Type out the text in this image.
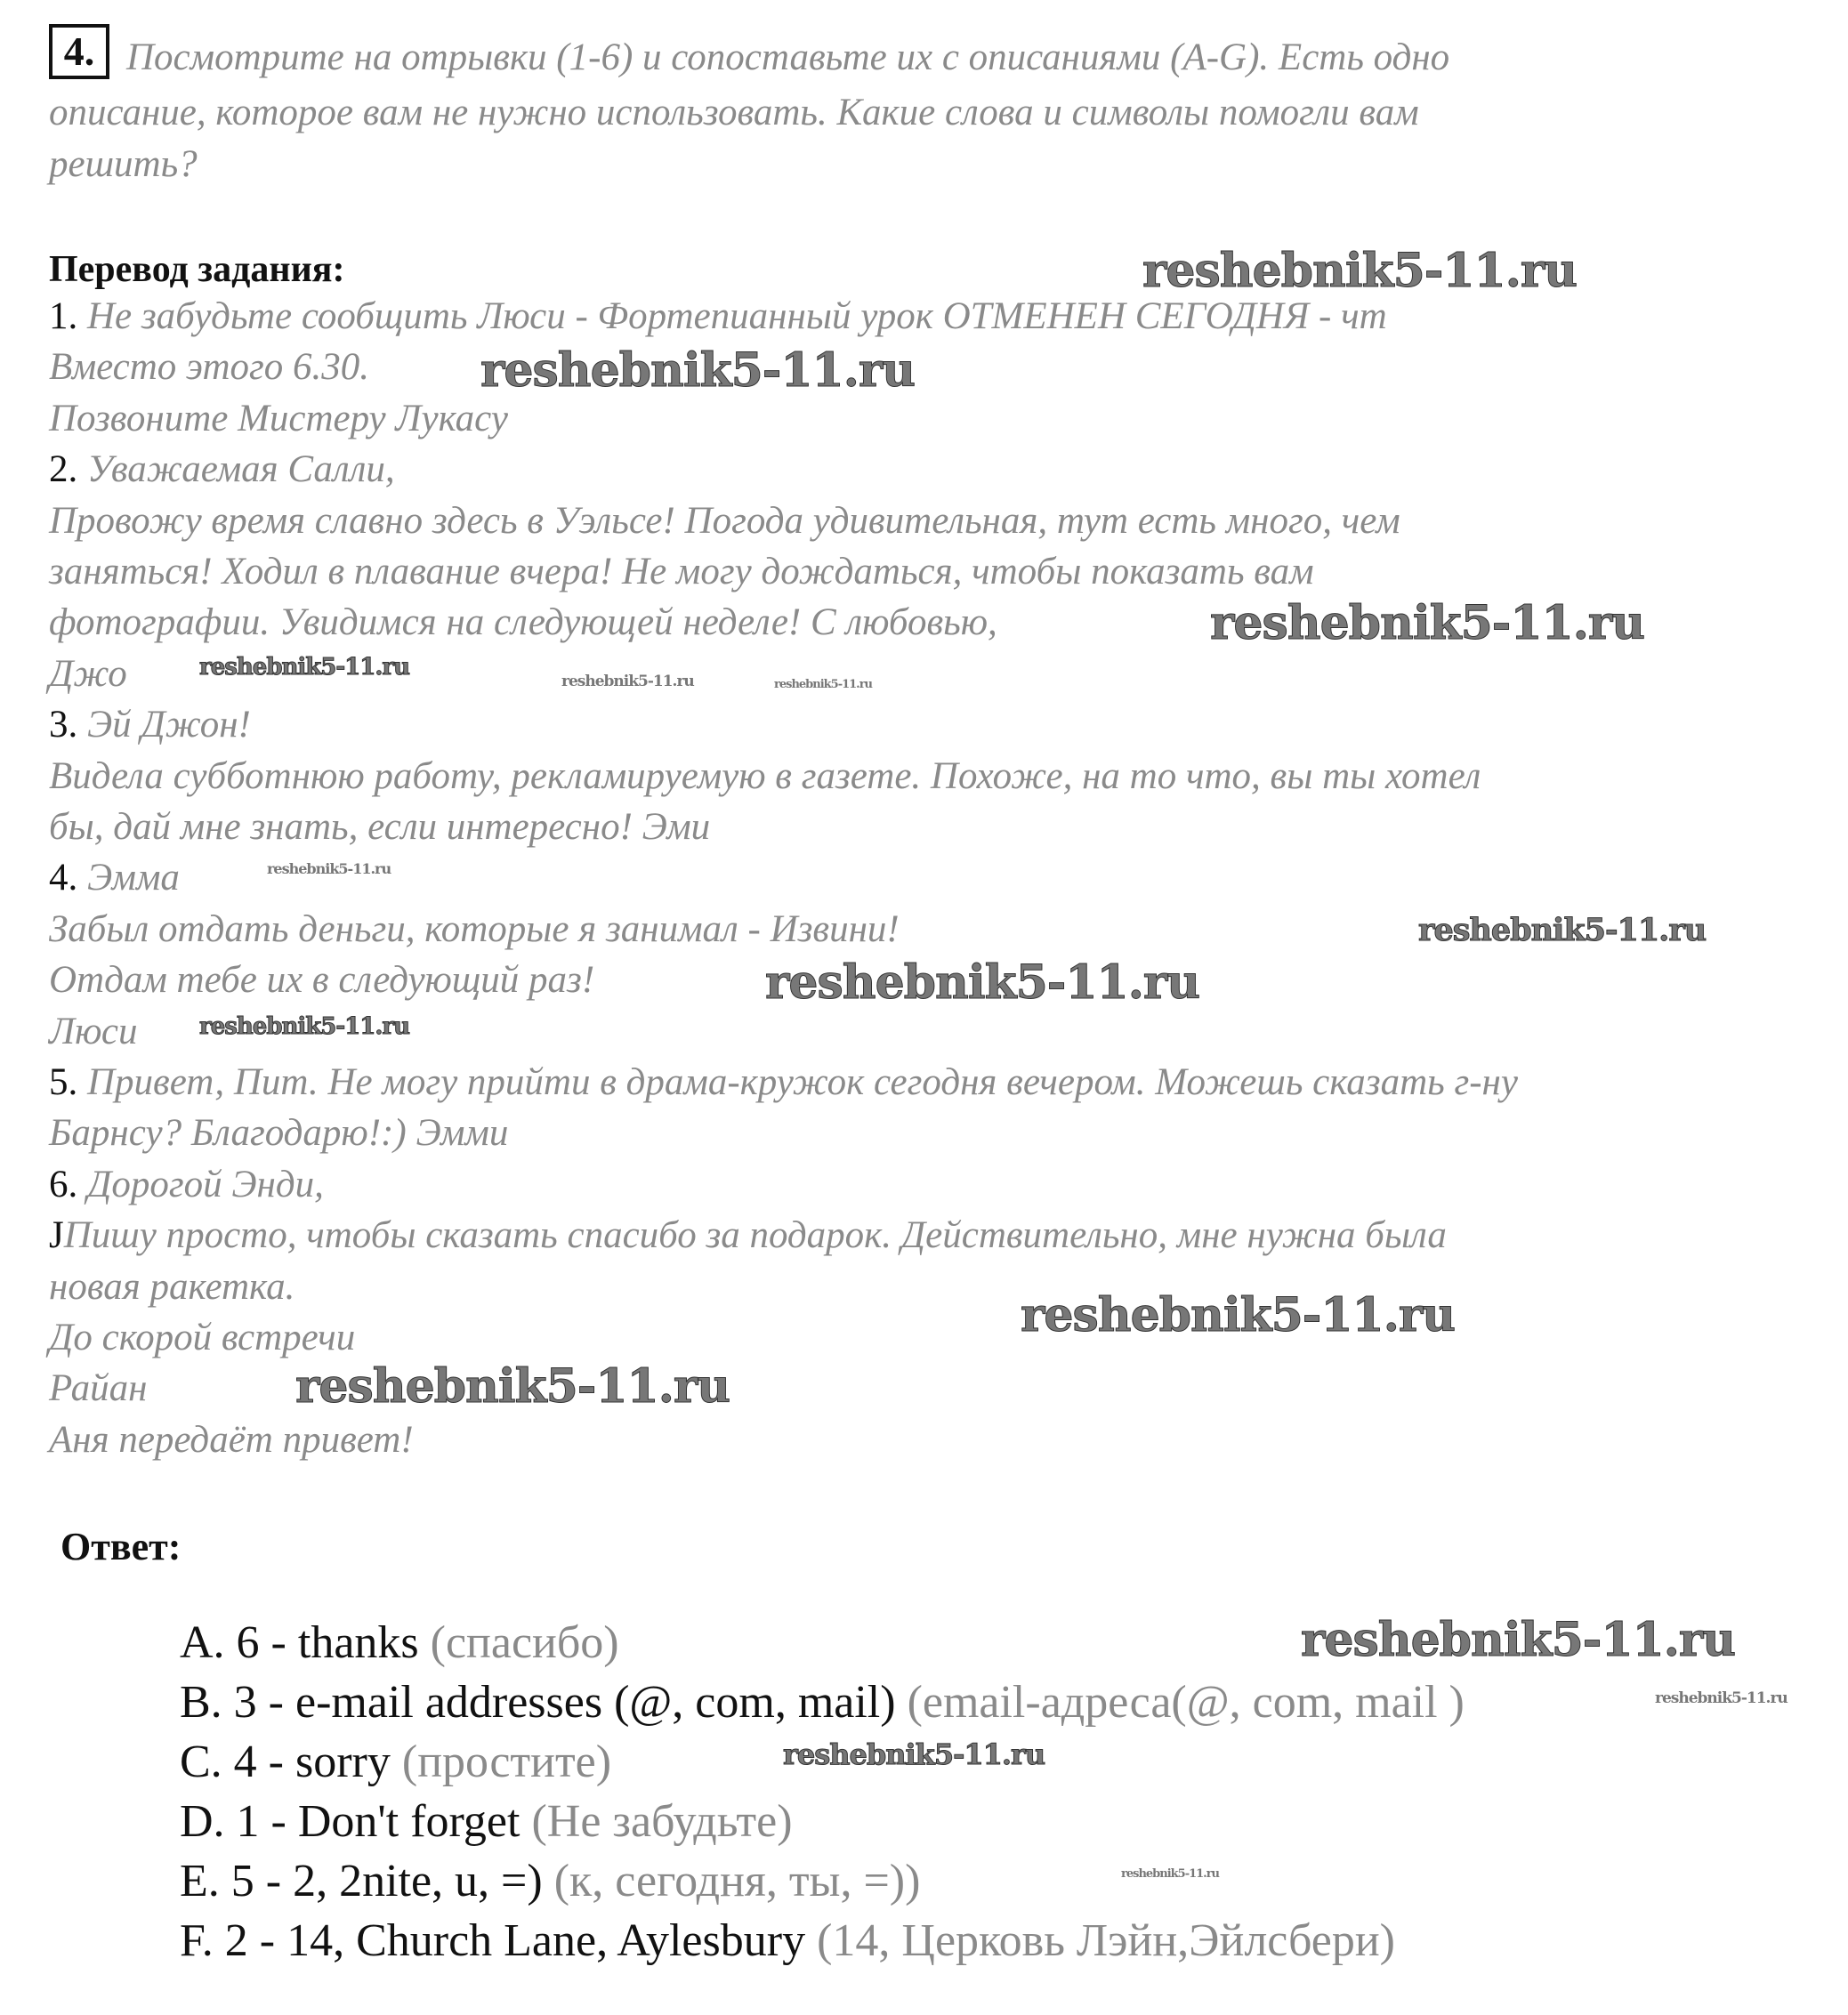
4. Посмотрите на отрывки (1-6) и сопоставьте их с описаниями (A-G). Есть одно
описание, которое вам не нужно использовать. Какие слова и символы помогли вам
решить?
Перевод задания:
1. Не забудьте сообщить Люси - Фортепианный урок ОТМЕНЕН СЕГОДНЯ - чт
Вместо этого 6.30.
Позвоните Мистеру Лукасу
2. Уважаемая Салли,
Провожу время славно здесь в Уэльсе! Погода удивительная, тут есть много, чем
заняться! Ходил в плавание вчера! Не могу дождаться, чтобы показать вам
фотографии. Увидимся на следующей неделе! С любовью,
Джо
3. Эй Джон!
Видела субботнюю работу, рекламируемую в газете. Похоже, на то что, вы ты хотел
бы, дай мне знать, если интересно! Эми
4. Эмма
Забыл отдать деньги, которые я занимал - Извини!
Отдам тебе их в следующий раз!
Люси
5. Привет, Пит. Не могу прийти в драма-кружок сегодня вечером. Можешь сказать г-ну
Барнсу? Благодарю!:) Эмми
6. Дорогой Энди,
JПишу просто, чтобы сказать спасибо за подарок. Действительно, мне нужна была
новая ракетка.
До скорой встречи
Райан
Аня передаёт привет!
Ответ:
A. 6 - thanks (спасибо)
B. 3 - e-mail addresses (@, com, mail) (email-адреса(@, com, mail )
C. 4 - sorry (простите)
D. 1 - Don't forget (Не забудьте)
E. 5 - 2, 2nite, u, =) (к, сегодня, ты, =))
F. 2 - 14, Church Lane, Aylesbury (14, Церковь Лэйн,Эйлсбери)
reshebnik5-11.ru
reshebnik5-11.ru
reshebnik5-11.ru
reshebnik5-11.ru
reshebnik5-11.ru	reshebnik5-11.ru
reshebnik5-11.ru
reshebnik5-11.ru
reshebnik5-11.ru
reshebnik5-11.ru
reshebnik5-11.ru
reshebnik5-11.ru
reshebnik5-11.ru
reshebnik5-11.ru
reshebnik5-11.ru
reshebnik5-11.ru
